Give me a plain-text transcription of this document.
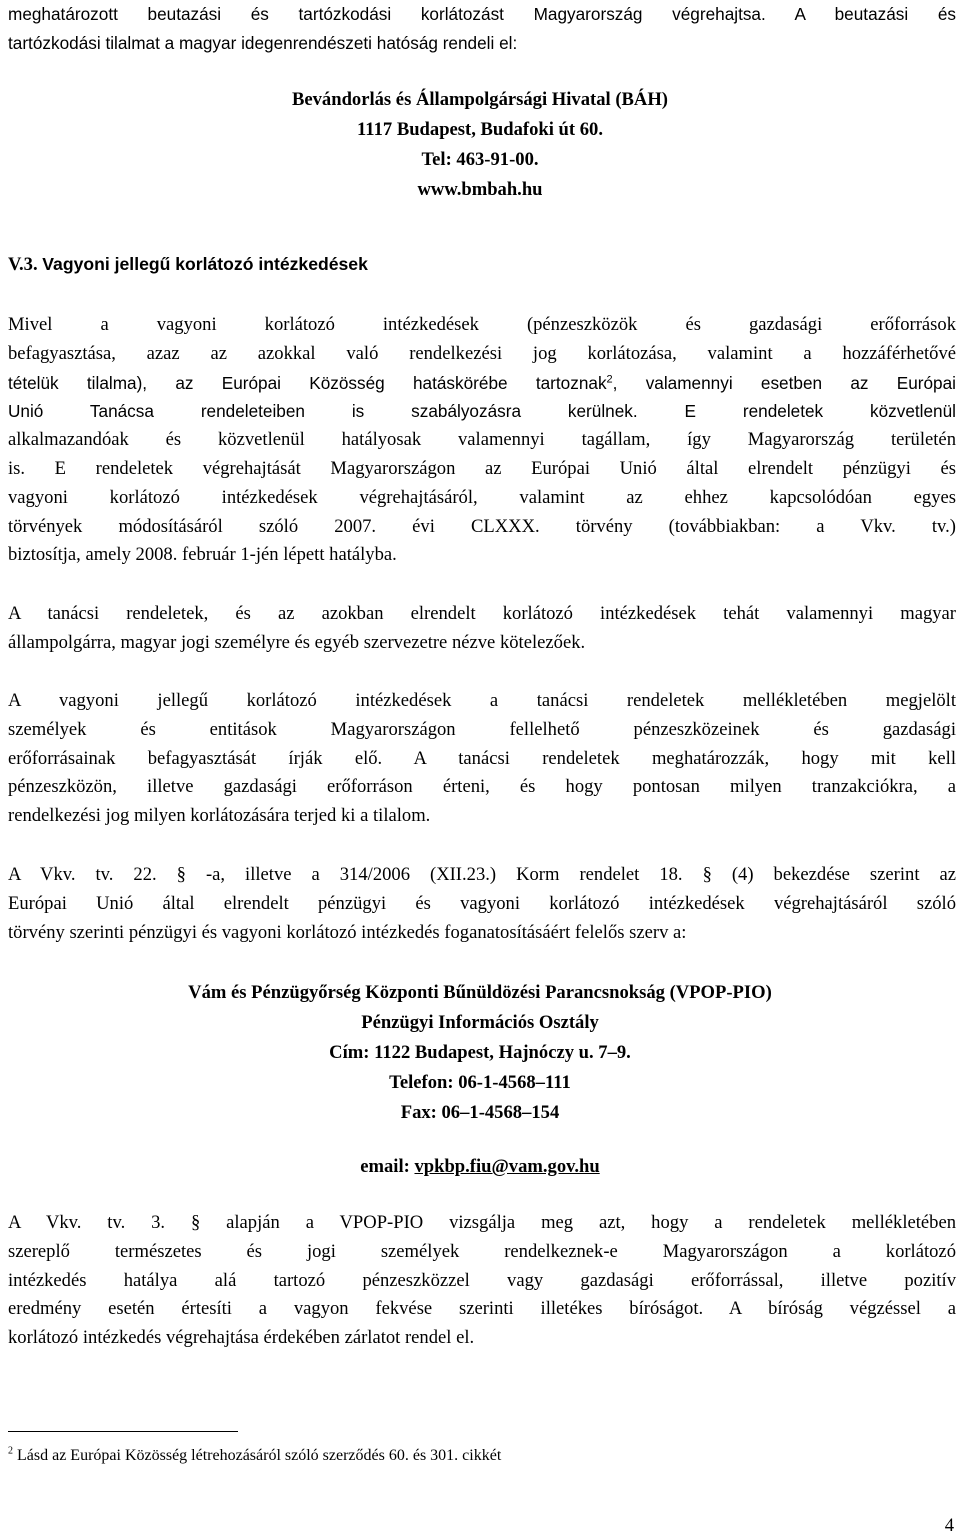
meghatározott beutazási és tartózkodási korlátozást Magyarország végrehajtsa. A beutazási és
tartózkodási tilalmat a magyar idegenrendészeti hatóság rendeli el:

Bevándorlás és Állampolgársági Hivatal (BÁH)
1117 Budapest, Budafoki út 60.
Tel: 463-91-00.
www.bmbah.hu
V.3. Vagyoni jellegű korlátozó intézkedések

Mivel a vagyoni korlátozó intézkedések (pénzeszközök és gazdasági erőforrások
befagyasztása, azaz az azokkal való rendelkezési jog korlátozása, valamint a hozzáférhetővé
tételük tilalma), az Európai Közösség hatáskörébe tartoznak$^2$, valamennyi esetben az Európai
Unió Tanácsa rendeleteiben is szabályozásra kerülnek. E rendeletek közvetlenül
alkalmazandóak és közvetlenül hatályosak valamennyi tagállam, így Magyarország területén
is. E rendeletek végrehajtását Magyarországon az Európai Unió által elrendelt pénzügyi és
vagyoni korlátozó intézkedések végrehajtásáról, valamint az ehhez kapcsolódóan egyes
törvények módosításáról szóló 2007. évi CLXXX. törvény (továbbiakban: a Vkv. tv.)
biztosítja, amely 2008. február 1-jén lépett hatályba.

A tanácsi rendeletek, és az azokban elrendelt korlátozó intézkedések tehát valamennyi magyar
állampolgárra, magyar jogi személyre és egyéb szervezetre nézve kötelezőek.

A vagyoni jellegű korlátozó intézkedések a tanácsi rendeletek mellékletében megjelölt
személyek és entitások Magyarországon fellelhető pénzeszközeinek és gazdasági
erőforrásainak befagyasztását írják elő. A tanácsi rendeletek meghatározzák, hogy mit kell
pénzeszközön, illetve gazdasági erőforráson érteni, és hogy pontosan milyen tranzakciókra, a
rendelkezési jog milyen korlátozására terjed ki a tilalom.

A Vkv. tv. 22. § -a, illetve a 314/2006 (XII.23.) Korm rendelet 18. § (4) bekezdése szerint az
Európai Unió által elrendelt pénzügyi és vagyoni korlátozó intézkedések végrehajtásáról szóló
törvény szerinti pénzügyi és vagyoni korlátozó intézkedés foganatosításáért felelős szerv a:

Vám és Pénzügyőrség Központi Bűnüldözési Parancsnokság (VPOP-PIO)
Pénzügyi Információs Osztály
Cím: 1122 Budapest, Hajnóczy u. 7–9.
Telefon: 06-1-4568–111
Fax: 06–1-4568–154
email: vpkbp.fiu@vam.gov.hu

A Vkv. tv. 3. § alapján a VPOP-PIO vizsgálja meg azt, hogy a rendeletek mellékletében
szereplő természetes és jogi személyek rendelkeznek-e Magyarországon a korlátozó
intézkedés hatálya alá tartozó pénzeszközzel vagy gazdasági erőforrással, illetve pozitív
eredmény esetén értesíti a vagyon fekvése szerinti illetékes bíróságot. A bíróság végzéssel a
korlátozó intézkedés végrehajtása érdekében zárlatot rendel el.

$^2$ Lásd az Európai Közösség létrehozásáról szóló szerződés 60. és 301. cikkét
4
